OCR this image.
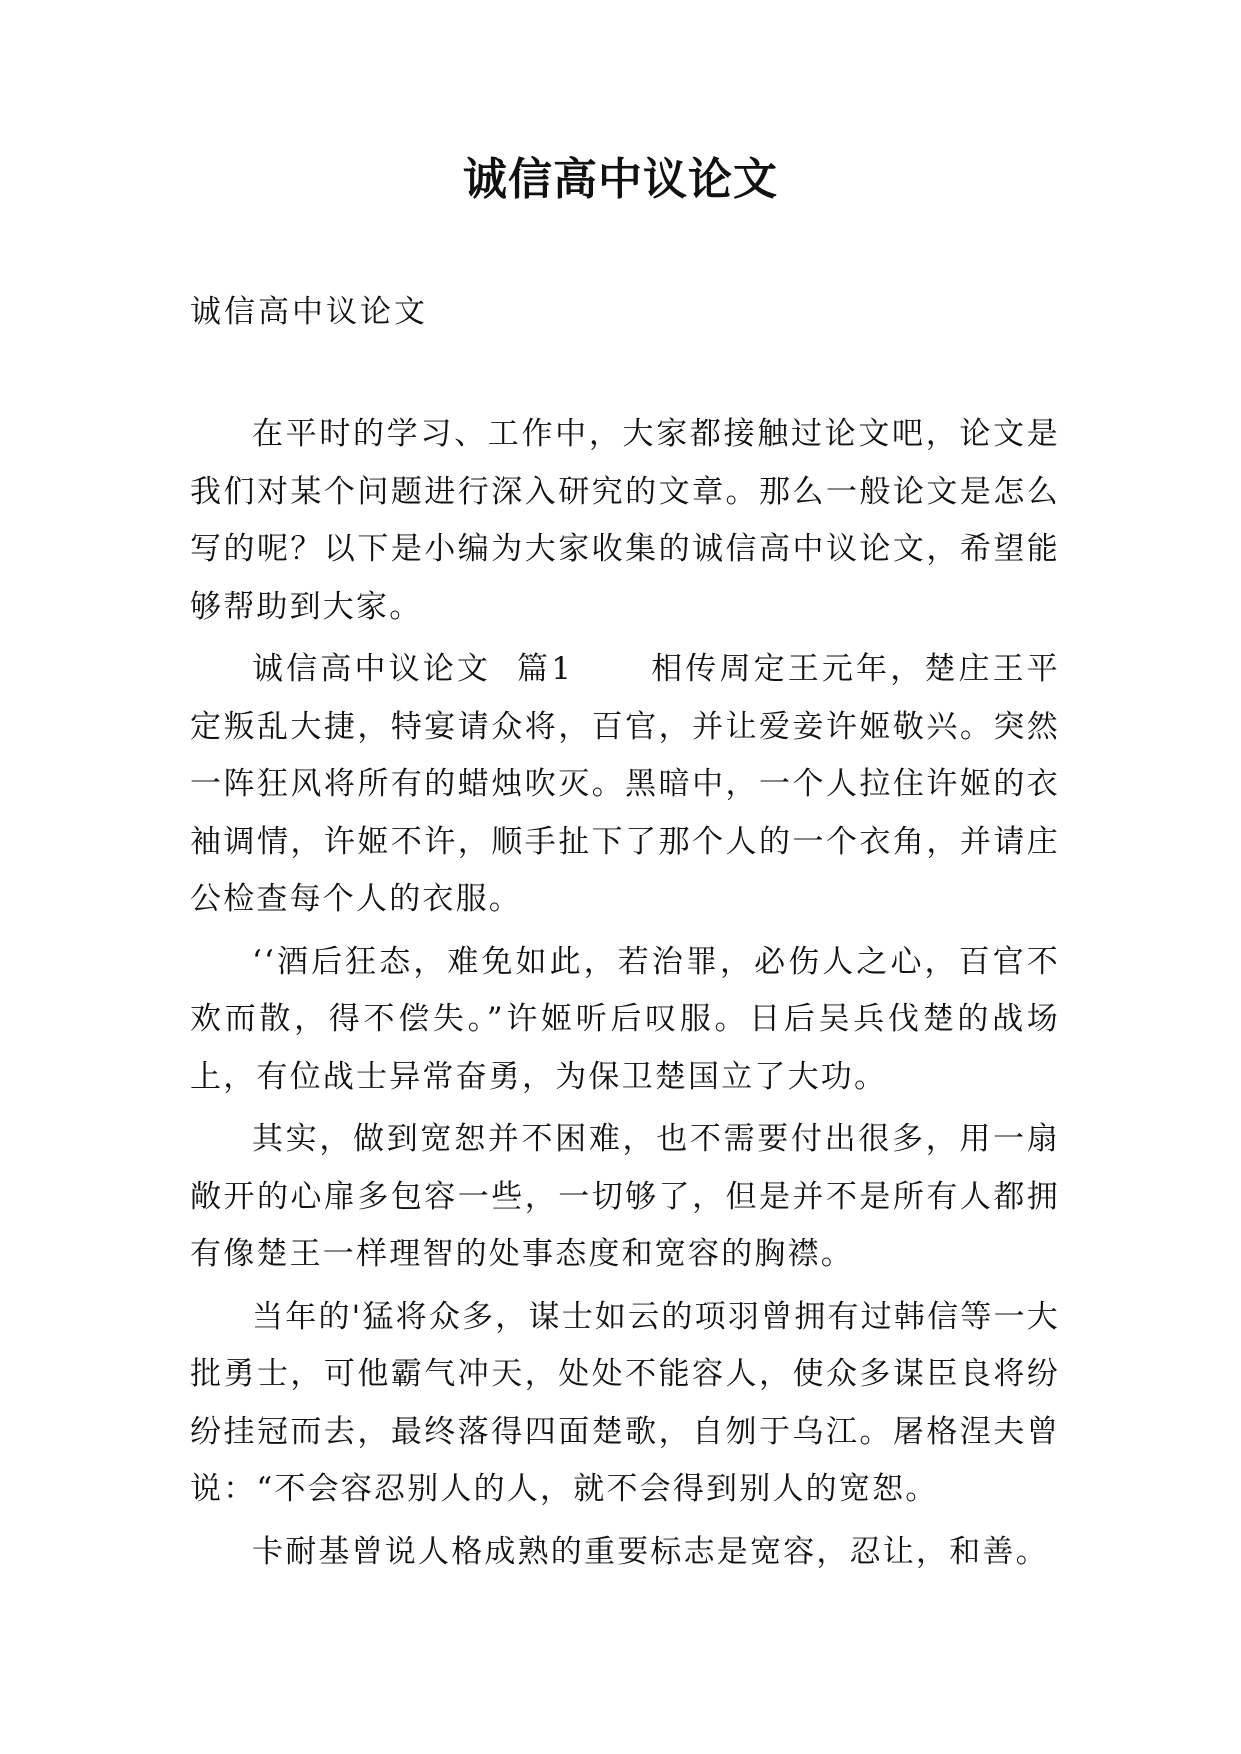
诚信高中议论文

诚信高中议论文

在平时的学习、工作中，大家都接触过论文吧，论文是我们对某个问题进行深入研究的文章。那么一般论文是怎么写的呢？以下是小编为大家收集的诚信高中议论文，希望能够帮助到大家。

诚信高中议论文  篇1      相传周定王元年，楚庄王平定叛乱大捷，特宴请众将，百官，并让爱妾许姬敬兴。突然一阵狂风将所有的蜡烛吹灭。黑暗中，一个人拉住许姬的衣袖调情，许姬不许，顺手扯下了那个人的一个衣角，并请庄公检查每个人的衣服。

‘‘酒后狂态，难免如此，若治罪，必伤人之心，百官不欢而散，得不偿失。”许姬听后叹服。日后吴兵伐楚的战场上，有位战士异常奋勇，为保卫楚国立了大功。

其实，做到宽恕并不困难，也不需要付出很多，用一扇敞开的心扉多包容一些，一切够了，但是并不是所有人都拥有像楚王一样理智的处事态度和宽容的胸襟。

当年的'猛将众多，谋士如云的项羽曾拥有过韩信等一大批勇士，可他霸气冲天，处处不能容人，使众多谋臣良将纷纷挂冠而去，最终落得四面楚歌，自刎于乌江。屠格涅夫曾说：“不会容忍别人的人，就不会得到别人的宽恕。

卡耐基曾说人格成熟的重要标志是宽容，忍让，和善。
